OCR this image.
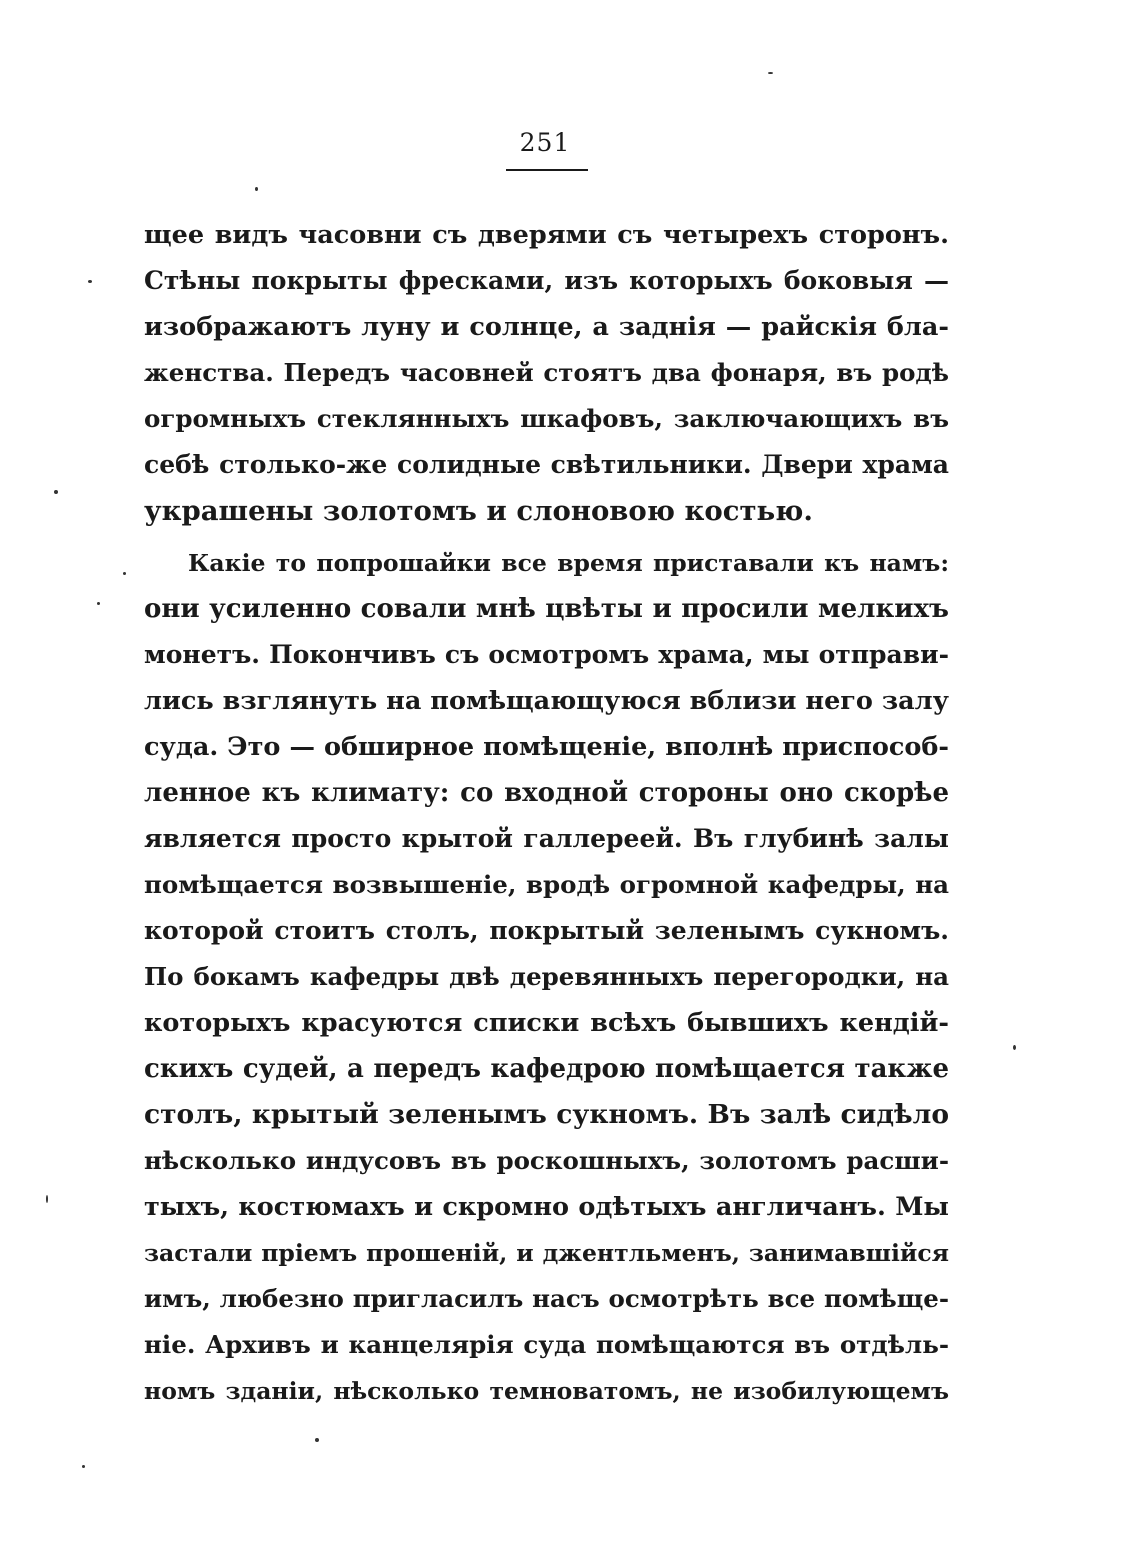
251
щее видъ часовни съ дверями съ четырехъ сторонъ.
Стѣны покрыты фресками, изъ которыхъ боковыя —
изображаютъ луну и солнце, а заднія — райскія бла-
женства. Передъ часовней стоятъ два фонаря, въ родѣ
огромныхъ стеклянныхъ шкафовъ, заключающихъ въ
себѣ столько-же солидные свѣтильники. Двери храма
украшены золотомъ и слоновою костью.
Какіе то попрошайки все время приставали къ намъ:
они усиленно совали мнѣ цвѣты и просили мелкихъ
монетъ. Покончивъ съ осмотромъ храма, мы отправи-
лись взглянуть на помѣщающуюся вблизи него залу
суда. Это — обширное помѣщеніе, вполнѣ приспособ-
ленное къ климату: со входной стороны оно скорѣе
является просто крытой галлереей. Въ глубинѣ залы
помѣщается возвышеніе, вродѣ огромной кафедры, на
которой стоитъ столъ, покрытый зеленымъ сукномъ.
По бокамъ кафедры двѣ деревянныхъ перегородки, на
которыхъ красуются списки всѣхъ бывшихъ кендій-
скихъ судей, а передъ кафедрою помѣщается также
столъ, крытый зеленымъ сукномъ. Въ залѣ сидѣло
нѣсколько индусовъ въ роскошныхъ, золотомъ расши-
тыхъ, костюмахъ и скромно одѣтыхъ англичанъ. Мы
застали пріемъ прошеній, и джентльменъ, занимавшійся
имъ, любезно пригласилъ насъ осмотрѣть все помѣще-
ніе. Архивъ и канцелярія суда помѣщаются въ отдѣль-
номъ зданіи, нѣсколько темноватомъ, не изобилующемъ
